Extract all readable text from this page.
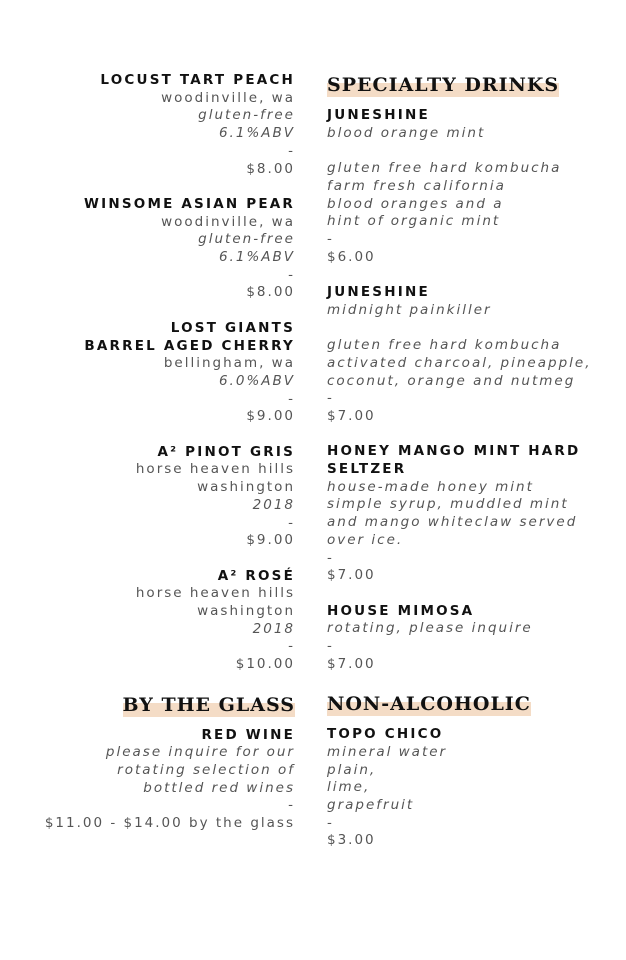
LOCUST TART PEACH
woodinville, wa
gluten-free
6.1%ABV
-
$8.00
WINSOME ASIAN PEAR
woodinville, wa
gluten-free
6.1%ABV
-
$8.00
LOST GIANTS
BARREL AGED CHERRY
bellingham, wa
6.0%ABV
-
$9.00
A² PINOT GRIS
horse heaven hills
washington
2018
-
$9.00
A² ROSÉ
horse heaven hills
washington
2018
-
$10.00
BY THE GLASS
RED WINE
please inquire for our
rotating selection of
bottled red wines
-
$11.00 - $14.00 by the glass
SPECIALTY DRINKS
JUNESHINE
blood orange mint
gluten free hard kombucha
farm fresh california
blood oranges and a
hint of organic mint
-
$6.00
JUNESHINE
midnight painkiller
gluten free hard kombucha
activated charcoal, pineapple,
coconut, orange and nutmeg
-
$7.00
HONEY MANGO MINT HARD
SELTZER
house-made honey mint
simple syrup, muddled mint
and mango whiteclaw served
over ice.
-
$7.00
HOUSE MIMOSA
rotating, please inquire
-
$7.00
NON-ALCOHOLIC
TOPO CHICO
mineral water
plain,
lime,
grapefruit
-
$3.00
